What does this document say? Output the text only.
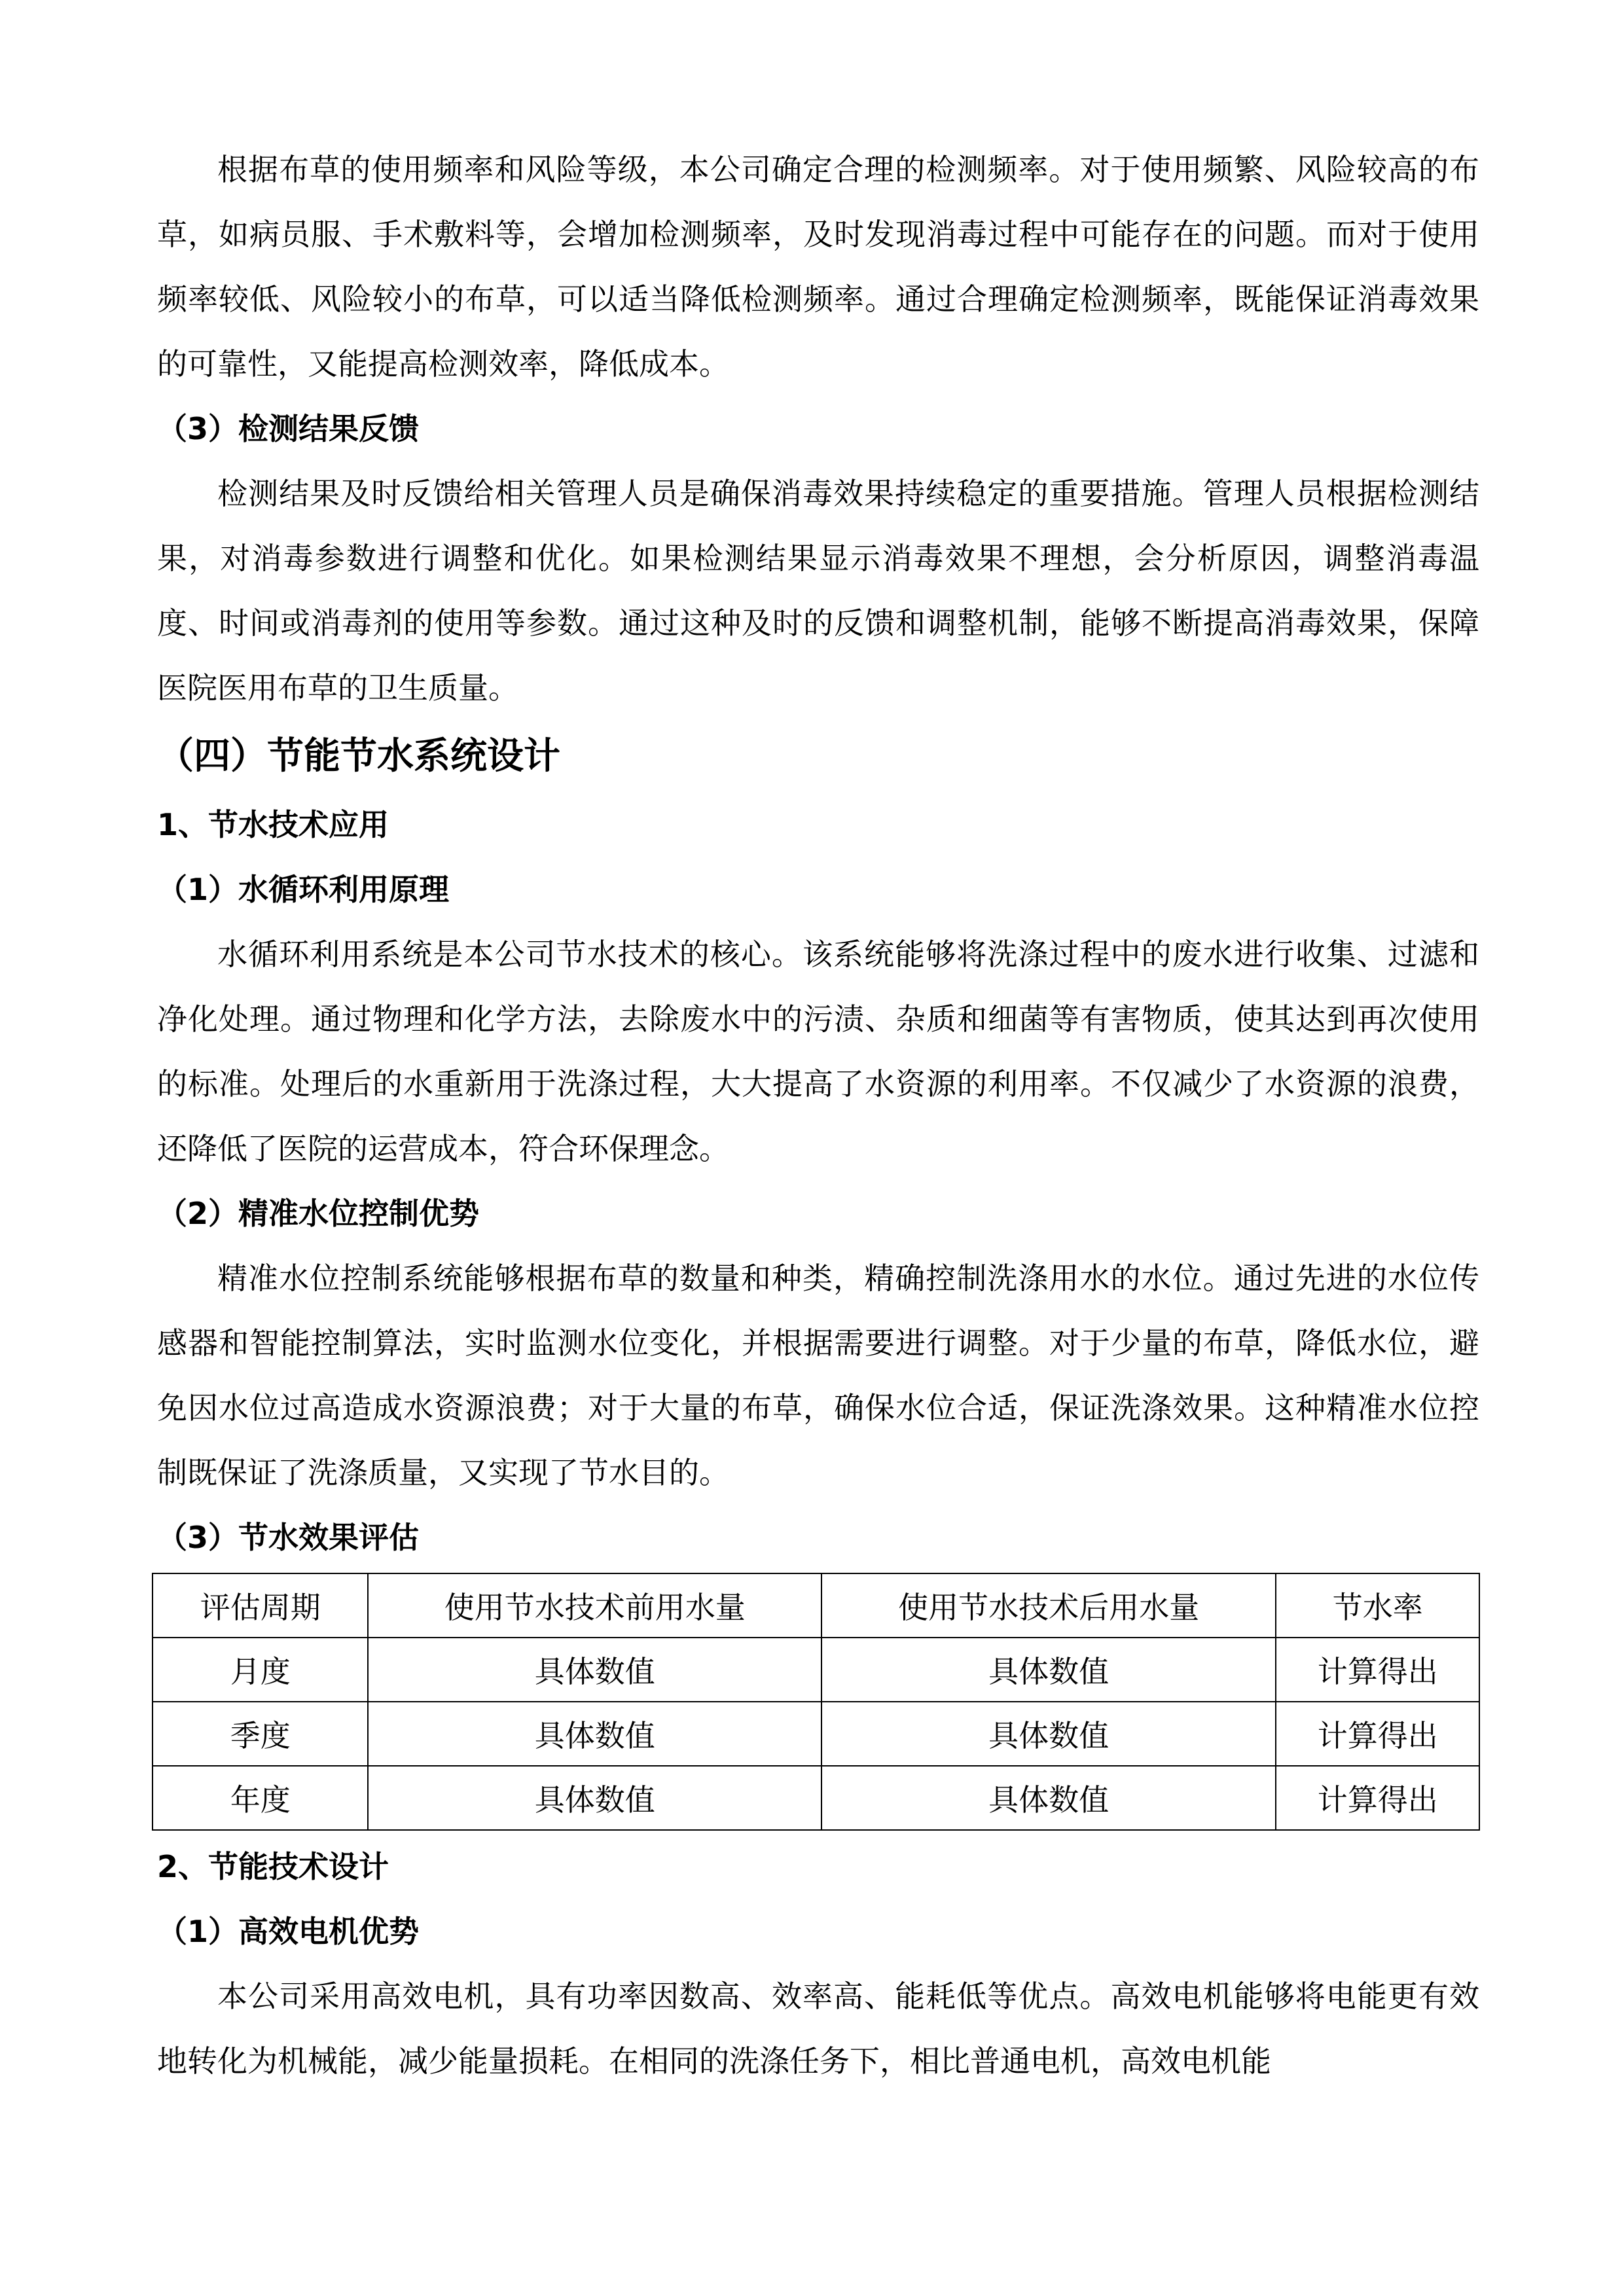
根据布草的使用频率和风险等级，本公司确定合理的检测频率。对于使用频繁、风险较高的布草，如病员服、手术敷料等，会增加检测频率，及时发现消毒过程中可能存在的问题。而对于使用频率较低、风险较小的布草，可以适当降低检测频率。通过合理确定检测频率，既能保证消毒效果的可靠性，又能提高检测效率，降低成本。

（3）检测结果反馈

检测结果及时反馈给相关管理人员是确保消毒效果持续稳定的重要措施。管理人员根据检测结果，对消毒参数进行调整和优化。如果检测结果显示消毒效果不理想，会分析原因，调整消毒温度、时间或消毒剂的使用等参数。通过这种及时的反馈和调整机制，能够不断提高消毒效果，保障医院医用布草的卫生质量。

（四）节能节水系统设计
1、节水技术应用
（1）水循环利用原理

水循环利用系统是本公司节水技术的核心。该系统能够将洗涤过程中的废水进行收集、过滤和净化处理。通过物理和化学方法，去除废水中的污渍、杂质和细菌等有害物质，使其达到再次使用的标准。处理后的水重新用于洗涤过程，大大提高了水资源的利用率。不仅减少了水资源的浪费，还降低了医院的运营成本，符合环保理念。

（2）精准水位控制优势

精准水位控制系统能够根据布草的数量和种类，精确控制洗涤用水的水位。通过先进的水位传感器和智能控制算法，实时监测水位变化，并根据需要进行调整。对于少量的布草，降低水位，避免因水位过高造成水资源浪费；对于大量的布草，确保水位合适，保证洗涤效果。这种精准水位控制既保证了洗涤质量，又实现了节水目的。

（3）节水效果评估
评估周期	使用节水技术前用水量	使用节水技术后用水量	节水率
月度	具体数值	具体数值	计算得出
季度	具体数值	具体数值	计算得出
年度	具体数值	具体数值	计算得出
2、节能技术设计
（1）高效电机优势

本公司采用高效电机，具有功率因数高、效率高、能耗低等优点。高效电机能够将电能更有效地转化为机械能，减少能量损耗。在相同的洗涤任务下，相比普通电机，高效电机能
